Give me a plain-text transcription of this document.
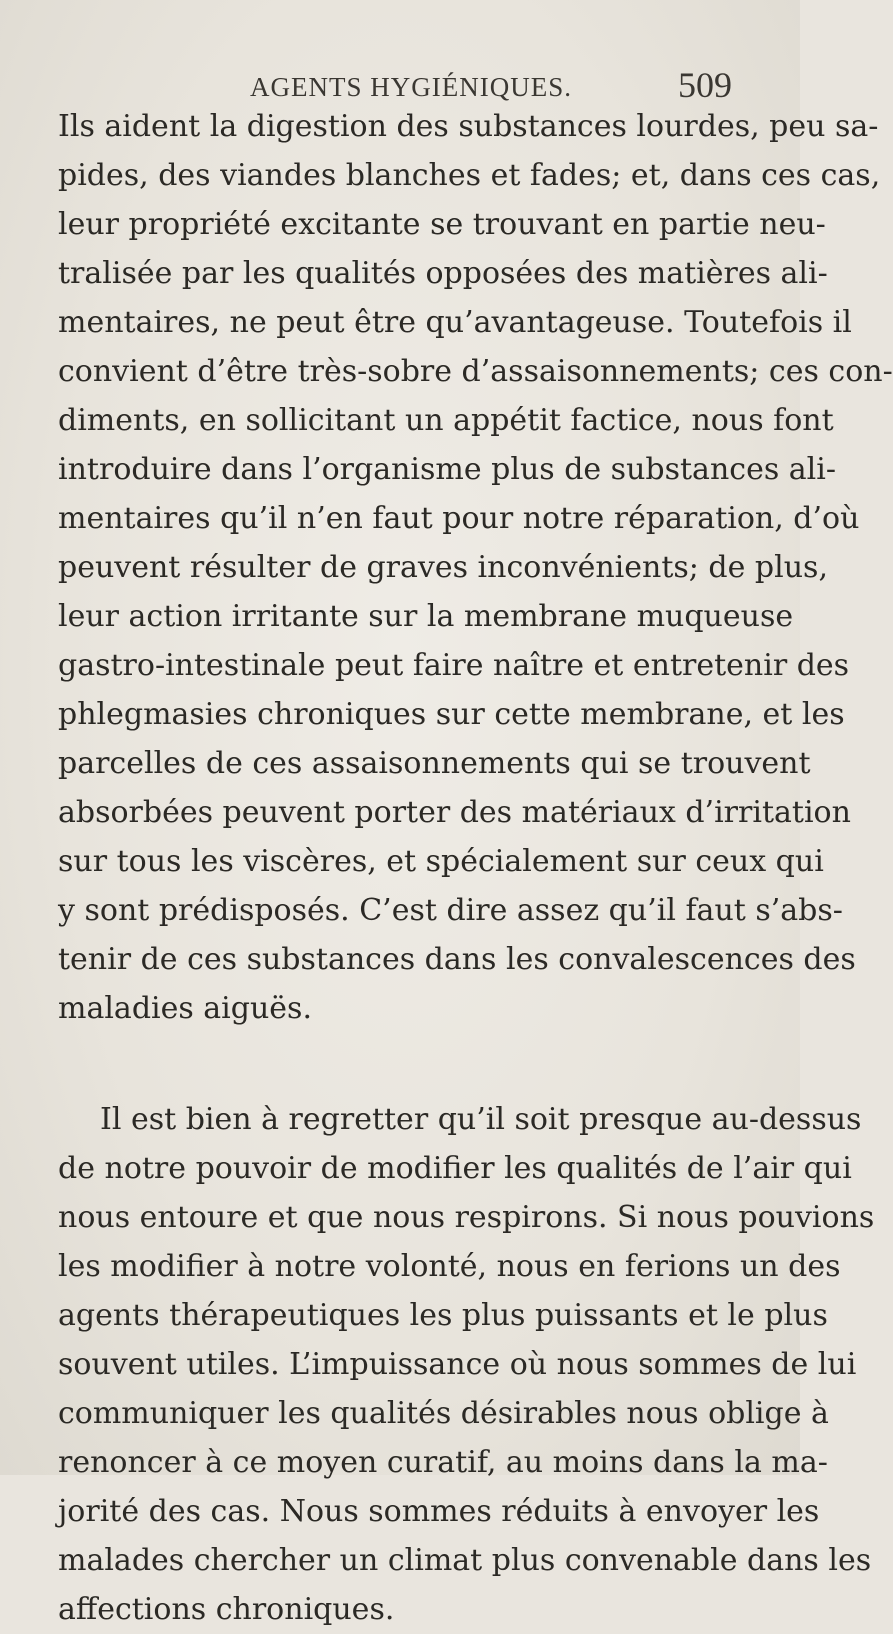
AGENTS HYGIÉNIQUES.	509
Ils aident la digestion des substances lourdes, peu sa-
pides, des viandes blanches et fades; et, dans ces cas,
leur propriété excitante se trouvant en partie neu-
tralisée par les qualités opposées des matières ali-
mentaires, ne peut être qu’avantageuse. Toutefois il
convient d’être très-sobre d’assaisonnements; ces con-
diments, en sollicitant un appétit factice, nous font
introduire dans l’organisme plus de substances ali-
mentaires qu’il n’en faut pour notre réparation, d’où
peuvent résulter de graves inconvénients; de plus,
leur action irritante sur la membrane muqueuse
gastro-intestinale peut faire naître et entretenir des
phlegmasies chroniques sur cette membrane, et les
parcelles de ces assaisonnements qui se trouvent
absorbées peuvent porter des matériaux d’irritation
sur tous les viscères, et spécialement sur ceux qui
y sont prédisposés. C’est dire assez qu’il faut s’abs-
tenir de ces substances dans les convalescences des
maladies aiguës.
Il est bien à regretter qu’il soit presque au-dessus
de notre pouvoir de modifier les qualités de l’air qui
nous entoure et que nous respirons. Si nous pouvions
les modifier à notre volonté, nous en ferions un des
agents thérapeutiques les plus puissants et le plus
souvent utiles. L’impuissance où nous sommes de lui
communiquer les qualités désirables nous oblige à
renoncer à ce moyen curatif, au moins dans la ma-
jorité des cas. Nous sommes réduits à envoyer les
malades chercher un climat plus convenable dans les
affections chroniques.
